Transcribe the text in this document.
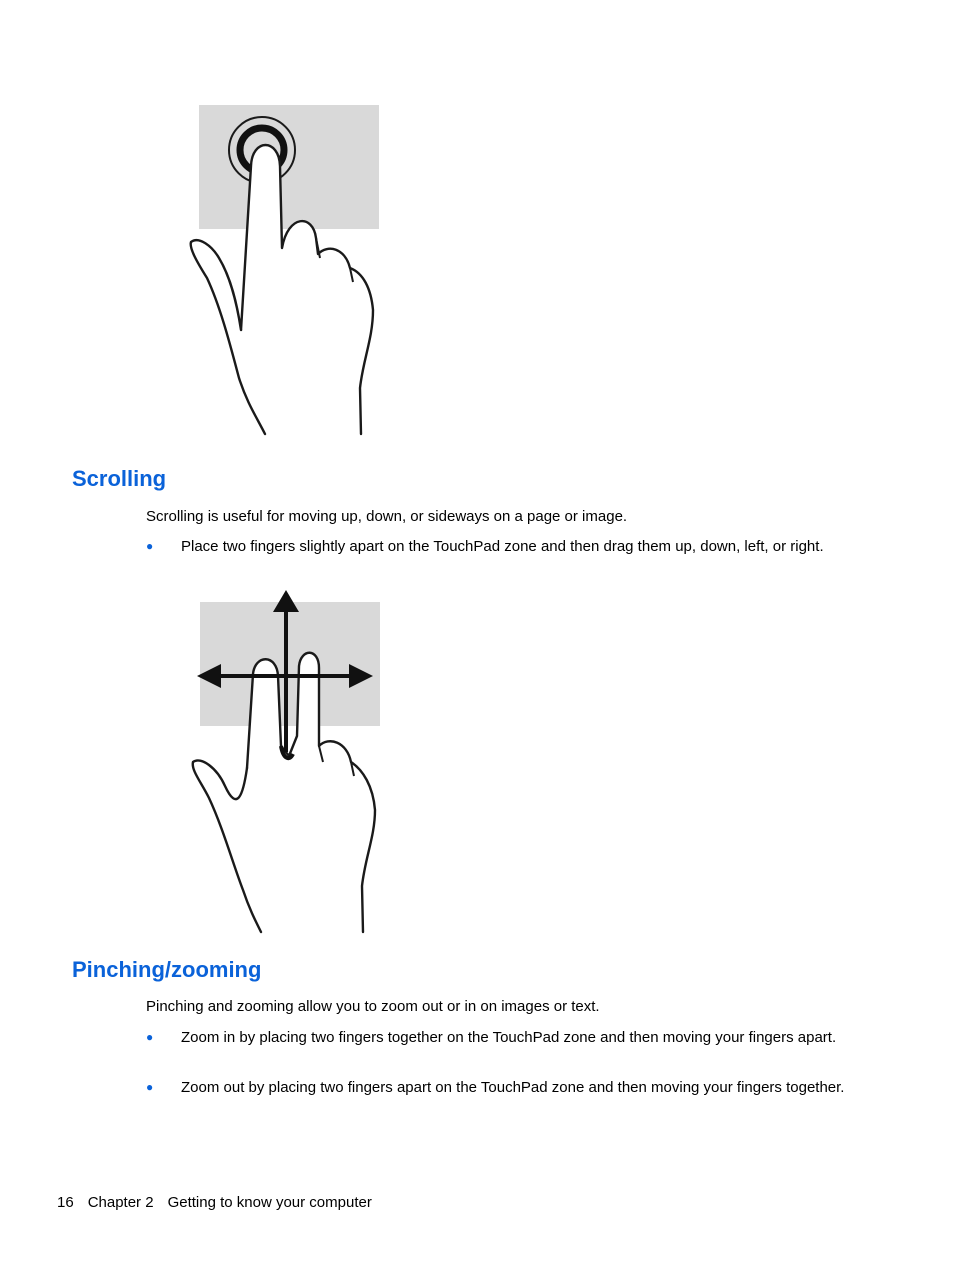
Scrolling

Scrolling is useful for moving up, down, or sideways on a page or image.

● Place two fingers slightly apart on the TouchPad zone and then drag them up, down, left, or right.
Pinching/zooming

Pinching and zooming allow you to zoom out or in on images or text.

● Zoom in by placing two fingers together on the TouchPad zone and then moving your fingers apart.
● Zoom out by placing two fingers apart on the TouchPad zone and then moving your fingers together.
16 Chapter 2 Getting to know your computer
